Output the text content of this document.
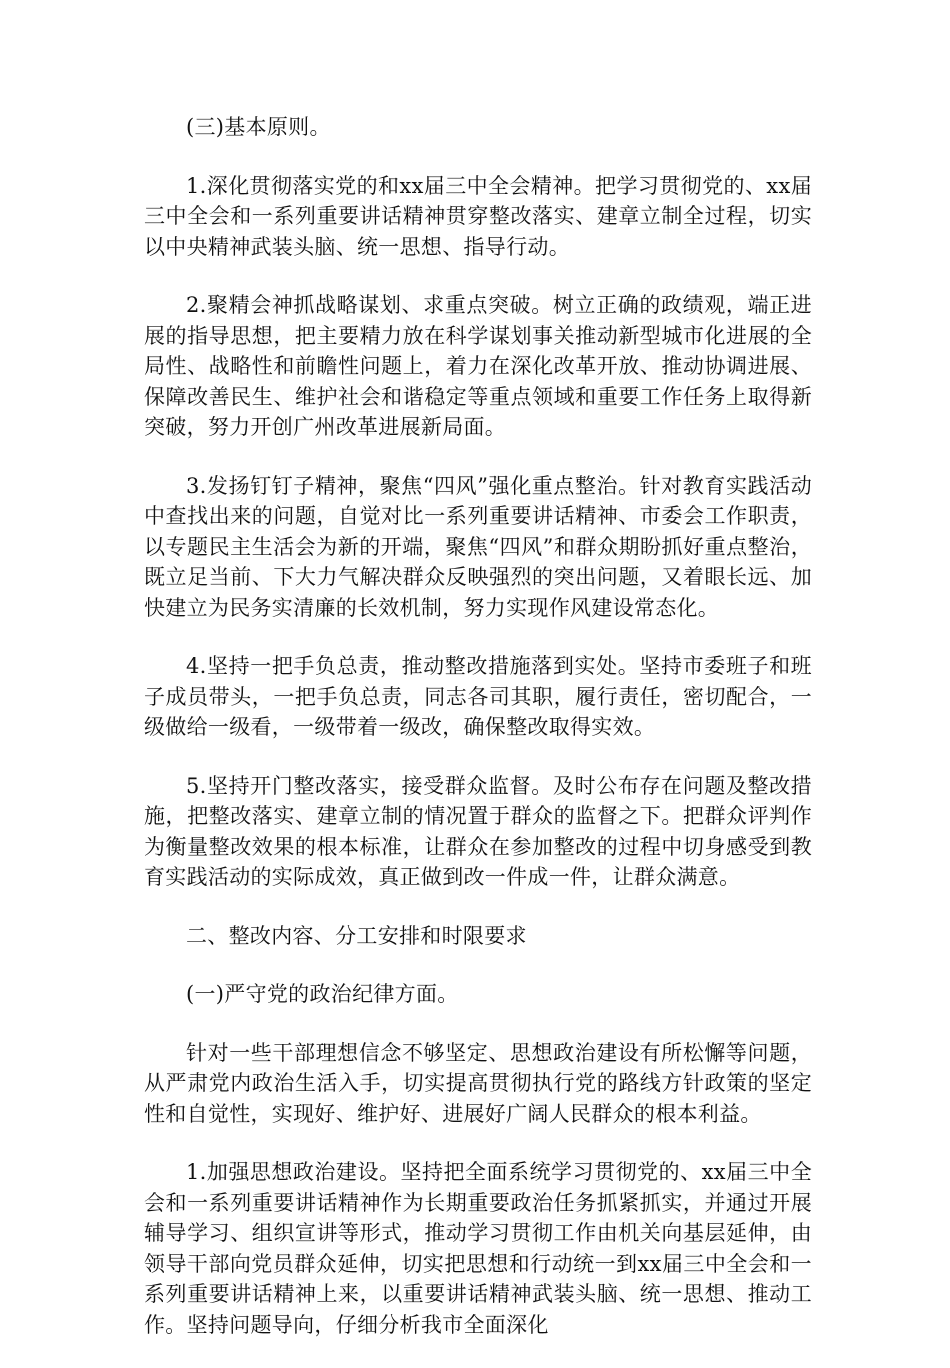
(三)基本原则。

1.深化贯彻落实党的和xx届三中全会精神。把学习贯彻党的、xx届三中全会和一系列重要讲话精神贯穿整改落实、建章立制全过程，切实以中央精神武装头脑、统一思想、指导行动。

2.聚精会神抓战略谋划、求重点突破。树立正确的政绩观，端正进展的指导思想，把主要精力放在科学谋划事关推动新型城市化进展的全局性、战略性和前瞻性问题上，着力在深化改革开放、推动协调进展、保障改善民生、维护社会和谐稳定等重点领域和重要工作任务上取得新突破，努力开创广州改革进展新局面。

3.发扬钉钉子精神，聚焦“四风”强化重点整治。针对教育实践活动中查找出来的问题，自觉对比一系列重要讲话精神、市委会工作职责，以专题民主生活会为新的开端，聚焦“四风”和群众期盼抓好重点整治，既立足当前、下大力气解决群众反映强烈的突出问题，又着眼长远、加快建立为民务实清廉的长效机制，努力实现作风建设常态化。

4.坚持一把手负总责，推动整改措施落到实处。坚持市委班子和班子成员带头，一把手负总责，同志各司其职，履行责任，密切配合，一级做给一级看，一级带着一级改，确保整改取得实效。

5.坚持开门整改落实，接受群众监督。及时公布存在问题及整改措施，把整改落实、建章立制的情况置于群众的监督之下。把群众评判作为衡量整改效果的根本标准，让群众在参加整改的过程中切身感受到教育实践活动的实际成效，真正做到改一件成一件，让群众满意。

二、整改内容、分工安排和时限要求

(一)严守党的政治纪律方面。

针对一些干部理想信念不够坚定、思想政治建设有所松懈等问题，从严肃党内政治生活入手，切实提高贯彻执行党的路线方针政策的坚定性和自觉性，实现好、维护好、进展好广阔人民群众的根本利益。

1.加强思想政治建设。坚持把全面系统学习贯彻党的、xx届三中全会和一系列重要讲话精神作为长期重要政治任务抓紧抓实，并通过开展辅导学习、组织宣讲等形式，推动学习贯彻工作由机关向基层延伸，由领导干部向党员群众延伸，切实把思想和行动统一到xx届三中全会和一系列重要讲话精神上来，以重要讲话精神武装头脑、统一思想、推动工作。坚持问题导向，仔细分析我市全面深化
